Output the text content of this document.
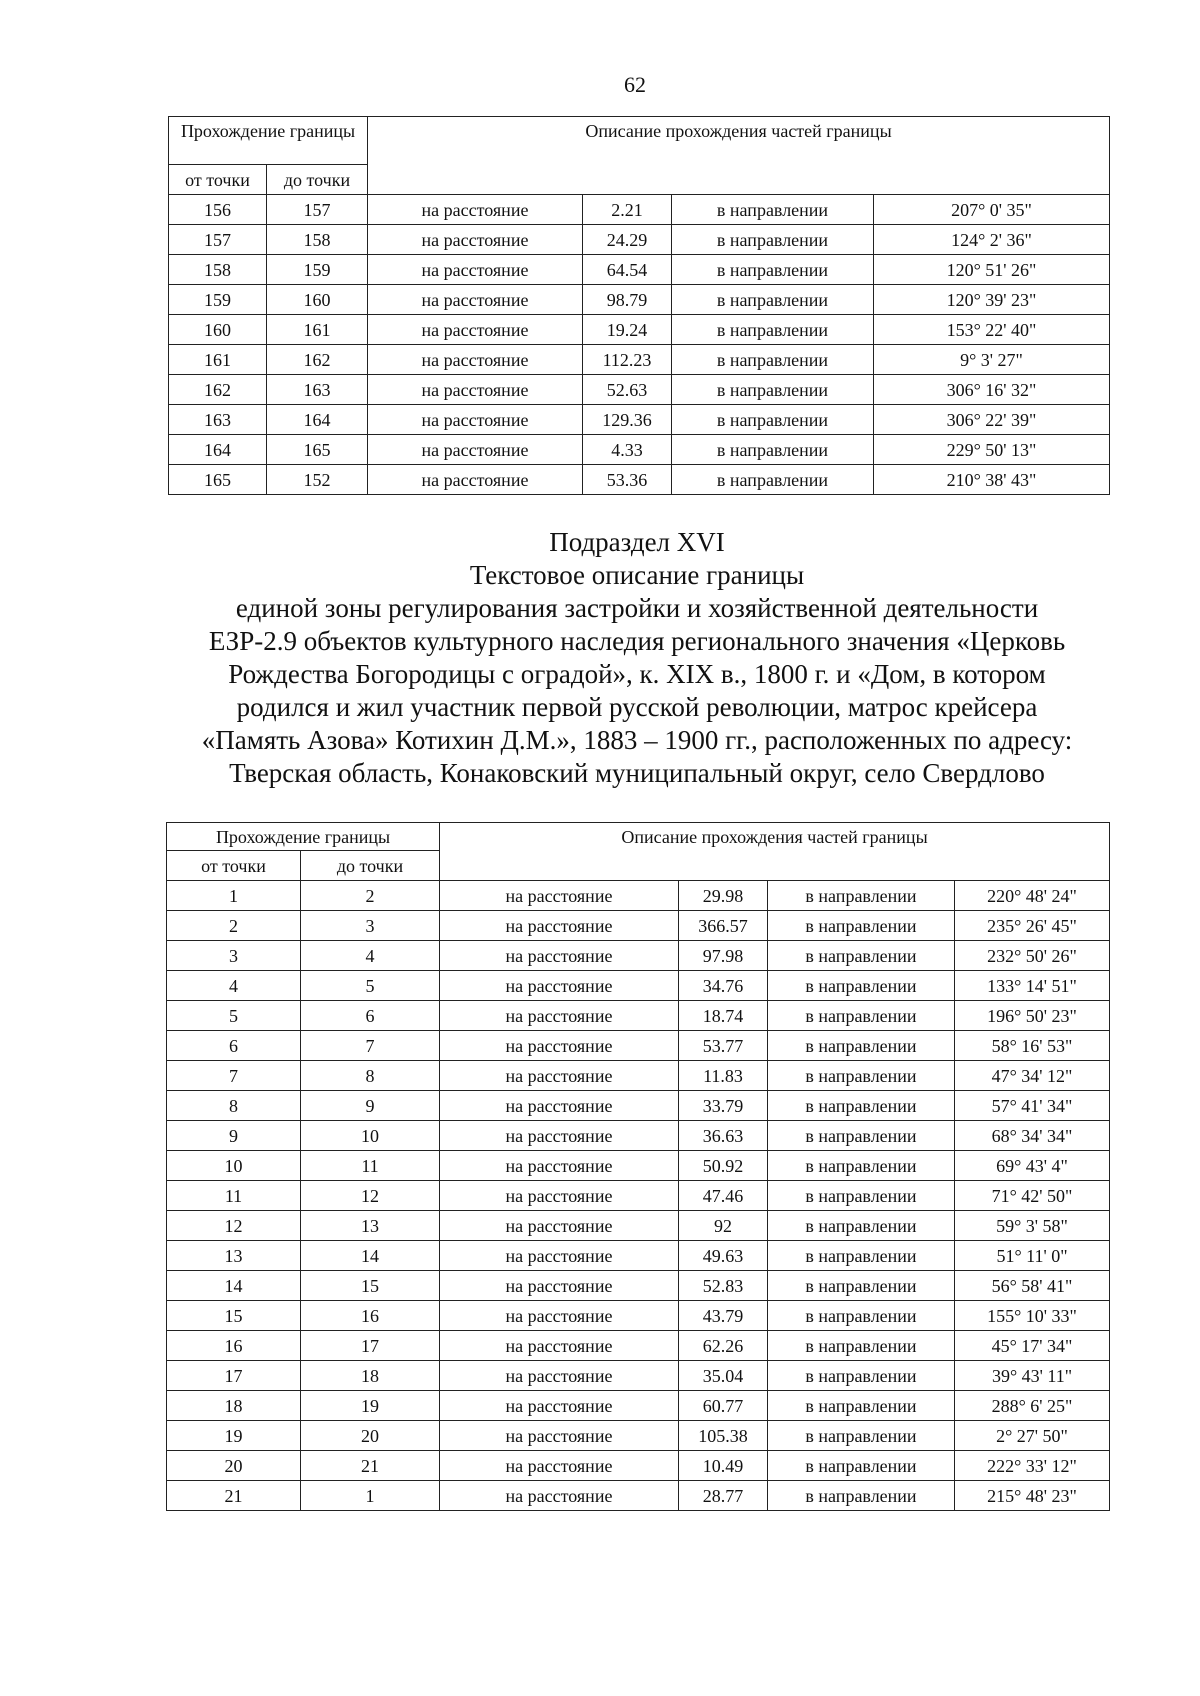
62
Прохождение границы		Описание прохождения частей границы			
от точки	до точки				
156	157	на расстояние	2.21	в направлении	207° 0' 35"
157	158	на расстояние	24.29	в направлении	124° 2' 36"
158	159	на расстояние	64.54	в направлении	120° 51' 26"
159	160	на расстояние	98.79	в направлении	120° 39' 23"
160	161	на расстояние	19.24	в направлении	153° 22' 40"
161	162	на расстояние	112.23	в направлении	9° 3' 27"
162	163	на расстояние	52.63	в направлении	306° 16' 32"
163	164	на расстояние	129.36	в направлении	306° 22' 39"
164	165	на расстояние	4.33	в направлении	229° 50' 13"
165	152	на расстояние	53.36	в направлении	210° 38' 43"
Подраздел XVI
Текстовое описание границы
единой зоны регулирования застройки и хозяйственной деятельности
ЕЗР-2.9 объектов культурного наследия регионального значения «Церковь
Рождества Богородицы с оградой», к. XIX в., 1800 г. и «Дом, в котором
родился и жил участник первой русской революции, матрос крейсера
«Память Азова» Котихин Д.М.», 1883 – 1900 гг., расположенных по адресу:
Тверская область, Конаковский муниципальный округ, село Свердлово
Прохождение границы		Описание прохождения частей границы			
от точки	до точки				
1	2	на расстояние	29.98	в направлении	220° 48' 24"
2	3	на расстояние	366.57	в направлении	235° 26' 45"
3	4	на расстояние	97.98	в направлении	232° 50' 26"
4	5	на расстояние	34.76	в направлении	133° 14' 51"
5	6	на расстояние	18.74	в направлении	196° 50' 23"
6	7	на расстояние	53.77	в направлении	58° 16' 53"
7	8	на расстояние	11.83	в направлении	47° 34' 12"
8	9	на расстояние	33.79	в направлении	57° 41' 34"
9	10	на расстояние	36.63	в направлении	68° 34' 34"
10	11	на расстояние	50.92	в направлении	69° 43' 4"
11	12	на расстояние	47.46	в направлении	71° 42' 50"
12	13	на расстояние	92	в направлении	59° 3' 58"
13	14	на расстояние	49.63	в направлении	51° 11' 0"
14	15	на расстояние	52.83	в направлении	56° 58' 41"
15	16	на расстояние	43.79	в направлении	155° 10' 33"
16	17	на расстояние	62.26	в направлении	45° 17' 34"
17	18	на расстояние	35.04	в направлении	39° 43' 11"
18	19	на расстояние	60.77	в направлении	288° 6' 25"
19	20	на расстояние	105.38	в направлении	2° 27' 50"
20	21	на расстояние	10.49	в направлении	222° 33' 12"
21	1	на расстояние	28.77	в направлении	215° 48' 23"
